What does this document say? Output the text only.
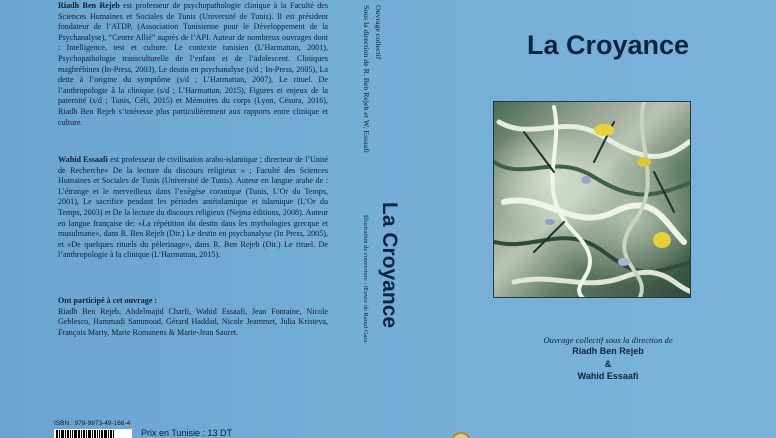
Riadh Ben Rejeb est professeur de psychopathologie clinique à la Faculté des Sciences Humaines et Sociales de Tunis (Université de Tunis). Il est président fondateur de l’ATDP, (Association Tunisienne pour le Développement de la Psychanalyse), “Centre Allié” auprès de l’API. Auteur de nombreux ouvrages dont : Intelligence, test et culture. Le contexte tunisien (L’Harmattan, 2001), Psychopathologie transculturelle de l’enfant et de l’adolescent. Cliniques maghrébines (In-Press, 2003), Le destin en psychanalyse (s/d ; In-Press, 2005), La dette à l’origine du symptôme (s/d ; L’Harmattan, 2007), Le rituel. De l’anthropologie à la clinique (s/d ; L’Harmattan, 2015), Figures et enjeux de la paternité (s/d ; Tunis, Céli, 2015) et Mémoires du corps (Lyon, Césura, 2016), Riadh Ben Rejeb s’intéresse plus particulièrement aux rapports entre clinique et culture.

Wahid Essaafi est professeur de civilisation arabo-islamique ; directeur de l’Unité de Recherche« De la lecture du discours religieux » ; Faculté des Sciences Humaines et Sociales de Tunis (Université de Tunis). Auteur en langue arabe de : L’étrange et le merveilleux dans l’exégèse coranique (Tunis, L’Or du Temps, 2001), Le sacrifice pendant les périodes antéislamique et islamique (L’Or du Temps, 2003) et De la lecture du discours religieux (Nejma éditions, 2008). Auteur en langue française de: «La répétition du destin dans les mythologies grecque et musulmane», dans R. Ben Rejeb (Dir.) Le destin en psychanalyse (In Press, 2005), et «De quelques rituels du pèlerinage», dans R. Ben Rejeb (Dir.) Le rituel. De l’anthropologie à la clinique (L’Harmattan, 2015).

Ont participé à cet ouvrage :
Riadh Ben Rejeb, Abdelmajid Charfi, Wahid Essaafi, Jean Fontaine, Nicole Geblesco, Hammadi Sammoud, Gérard Haddad, Nicole Jeammet, Julia Kristeva, François Marty, Marie Romanens & Marie-Jean Sauret.

ISBN : 978-9973-49-166-4
Prix en Tunisie : 13 DT
Ouvrage collectif
Sous la direction de R. Ben Rejeb et W. Essaafi
Illustration de couverture : Œuvre de Raouf Gara La Croyance
La Croyance
Ouvrage collectif sous la direction de
Riadh Ben Rejeb
&
Wahid Essaafi
